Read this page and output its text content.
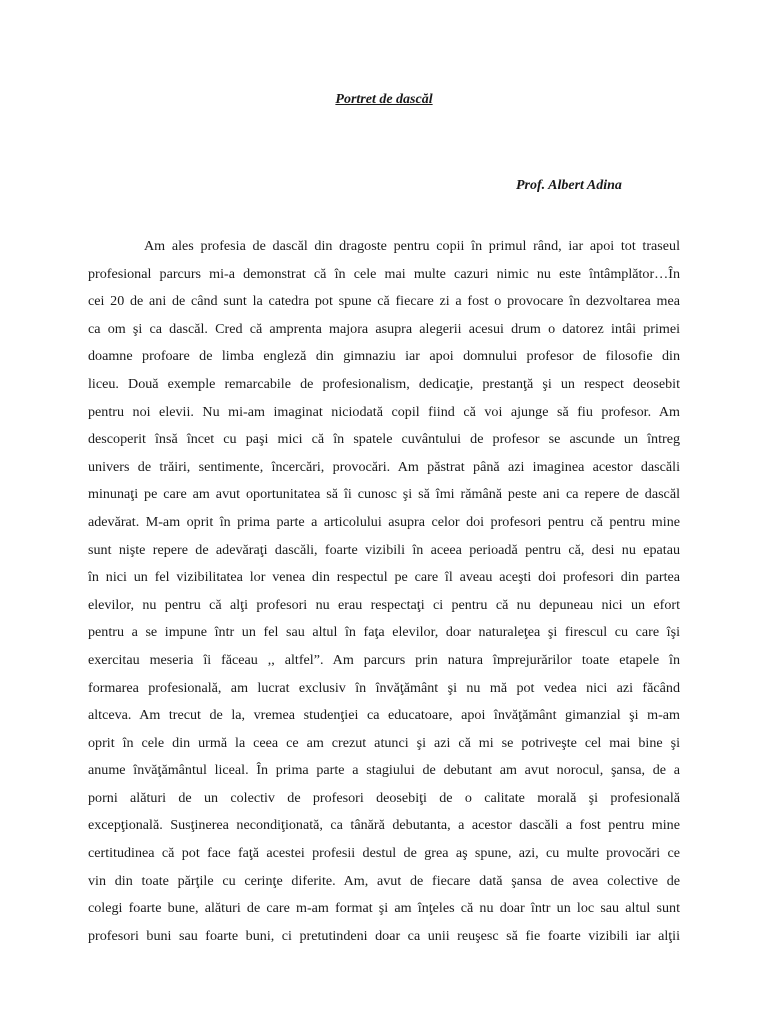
Portret de dascăl

Prof. Albert Adina

Am ales profesia de dascăl din dragoste pentru copii în primul rând, iar apoi tot traseul
profesional parcurs mi-a demonstrat că în cele mai multe cazuri nimic nu este întâmplător…În
cei 20 de ani de când sunt la catedra pot spune că fiecare zi a fost o provocare în dezvoltarea mea
ca om şi ca dascăl. Cred că amprenta majora asupra alegerii acesui drum o datorez intâi primei
doamne profoare de limba engleză din gimnaziu iar apoi domnului profesor de filosofie din
liceu. Două exemple remarcabile de profesionalism, dedicaţie, prestanţă şi un respect deosebit
pentru noi elevii. Nu mi-am imaginat niciodată copil fiind că voi ajunge să fiu profesor. Am
descoperit însă încet cu paşi mici că în spatele cuvântului de profesor se ascunde un întreg
univers de trăiri, sentimente, încercări, provocări. Am păstrat până azi imaginea acestor dascăli
minunaţi pe care am avut oportunitatea să îi cunosc şi să îmi rămână peste ani ca repere de dascăl
adevărat. M-am oprit în prima parte a articolului asupra celor doi profesori pentru că pentru mine
sunt nişte repere de adevăraţi dascăli, foarte vizibili în aceea perioadă pentru că, desi nu epatau
în nici un fel vizibilitatea lor venea din respectul pe care îl aveau aceşti doi profesori din partea
elevilor, nu pentru că alţi profesori nu erau respectaţi ci pentru că nu depuneau nici un efort
pentru a se impune într un fel sau altul în faţa elevilor, doar naturaleţea şi firescul cu care îşi
exercitau meseria îi făceau ,, altfel”. Am parcurs prin natura împrejurărilor toate etapele în
formarea profesională, am lucrat exclusiv în învăţământ şi nu mă pot vedea nici azi făcând
altceva. Am trecut de la, vremea studenţiei ca educatoare, apoi învăţământ gimanzial şi m-am
oprit în cele din urmă la ceea ce am crezut atunci şi azi că mi se potriveşte cel mai bine şi
anume învăţământul liceal. În prima parte a stagiului de debutant am avut norocul, şansa, de a
porni alături de un colectiv de profesori deosebiţi de o calitate morală şi profesională
excepţională. Susţinerea necondiţionată, ca tânără debutanta, a acestor dascăli a fost pentru mine
certitudinea că pot face faţă acestei profesii destul de grea aş spune, azi, cu multe provocări ce
vin din toate părţile cu cerinţe diferite. Am, avut de fiecare dată şansa de avea colective de
colegi foarte bune, alături de care m-am format şi am înţeles că nu doar într un loc sau altul sunt
profesori buni sau foarte buni, ci pretutindeni doar ca unii reuşesc să fie foarte vizibili iar alţii
